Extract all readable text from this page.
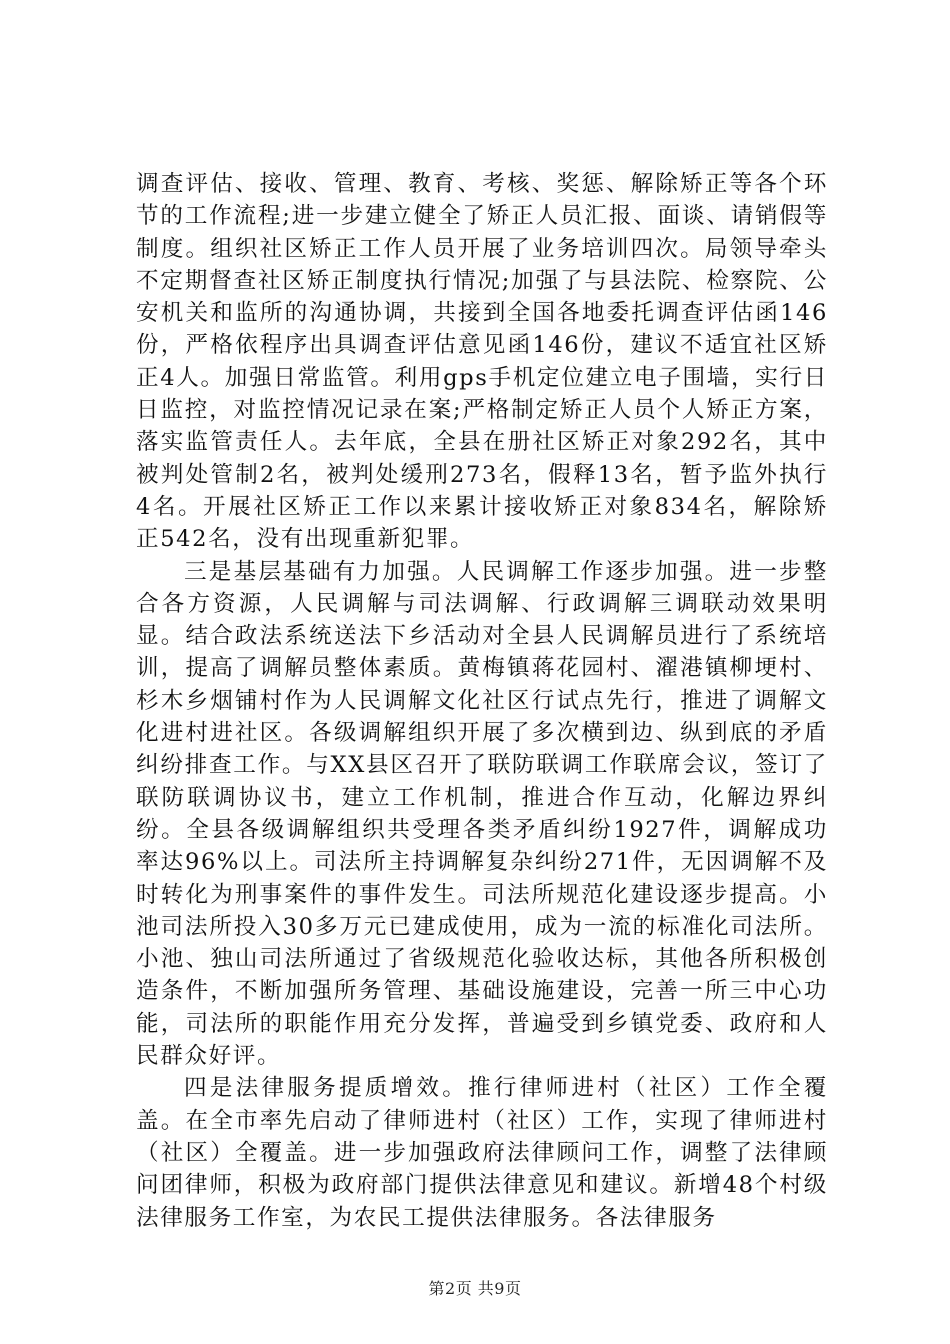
调查评估、接收、管理、教育、考核、奖惩、解除矫正等各个环节的工作流程;进一步建立健全了矫正人员汇报、面谈、请销假等制度。组织社区矫正工作人员开展了业务培训四次。局领导牵头不定期督查社区矫正制度执行情况;加强了与县法院、检察院、公安机关和监所的沟通协调，共接到全国各地委托调查评估函146份，严格依程序出具调查评估意见函146份，建议不适宜社区矫正4人。加强日常监管。利用gps手机定位建立电子围墙，实行日日监控，对监控情况记录在案;严格制定矫正人员个人矫正方案，落实监管责任人。去年底，全县在册社区矫正对象292名，其中被判处管制2名，被判处缓刑273名，假释13名，暂予监外执行4名。开展社区矫正工作以来累计接收矫正对象834名，解除矫正542名，没有出现重新犯罪。

三是基层基础有力加强。人民调解工作逐步加强。进一步整合各方资源，人民调解与司法调解、行政调解三调联动效果明显。结合政法系统送法下乡活动对全县人民调解员进行了系统培训，提高了调解员整体素质。黄梅镇蒋花园村、濯港镇柳埂村、杉木乡烟铺村作为人民调解文化社区行试点先行，推进了调解文化进村进社区。各级调解组织开展了多次横到边、纵到底的矛盾纠纷排查工作。与XX县区召开了联防联调工作联席会议，签订了联防联调协议书，建立工作机制，推进合作互动，化解边界纠纷。全县各级调解组织共受理各类矛盾纠纷1927件，调解成功率达96%以上。司法所主持调解复杂纠纷271件，无因调解不及时转化为刑事案件的事件发生。司法所规范化建设逐步提高。小池司法所投入30多万元已建成使用，成为一流的标准化司法所。小池、独山司法所通过了省级规范化验收达标，其他各所积极创造条件，不断加强所务管理、基础设施建设，完善一所三中心功能，司法所的职能作用充分发挥，普遍受到乡镇党委、政府和人民群众好评。

四是法律服务提质增效。推行律师进村（社区）工作全覆盖。在全市率先启动了律师进村（社区）工作，实现了律师进村（社区）全覆盖。进一步加强政府法律顾问工作，调整了法律顾问团律师，积极为政府部门提供法律意见和建议。新增48个村级法律服务工作室，为农民工提供法律服务。各法律服务

第2页 共9页
